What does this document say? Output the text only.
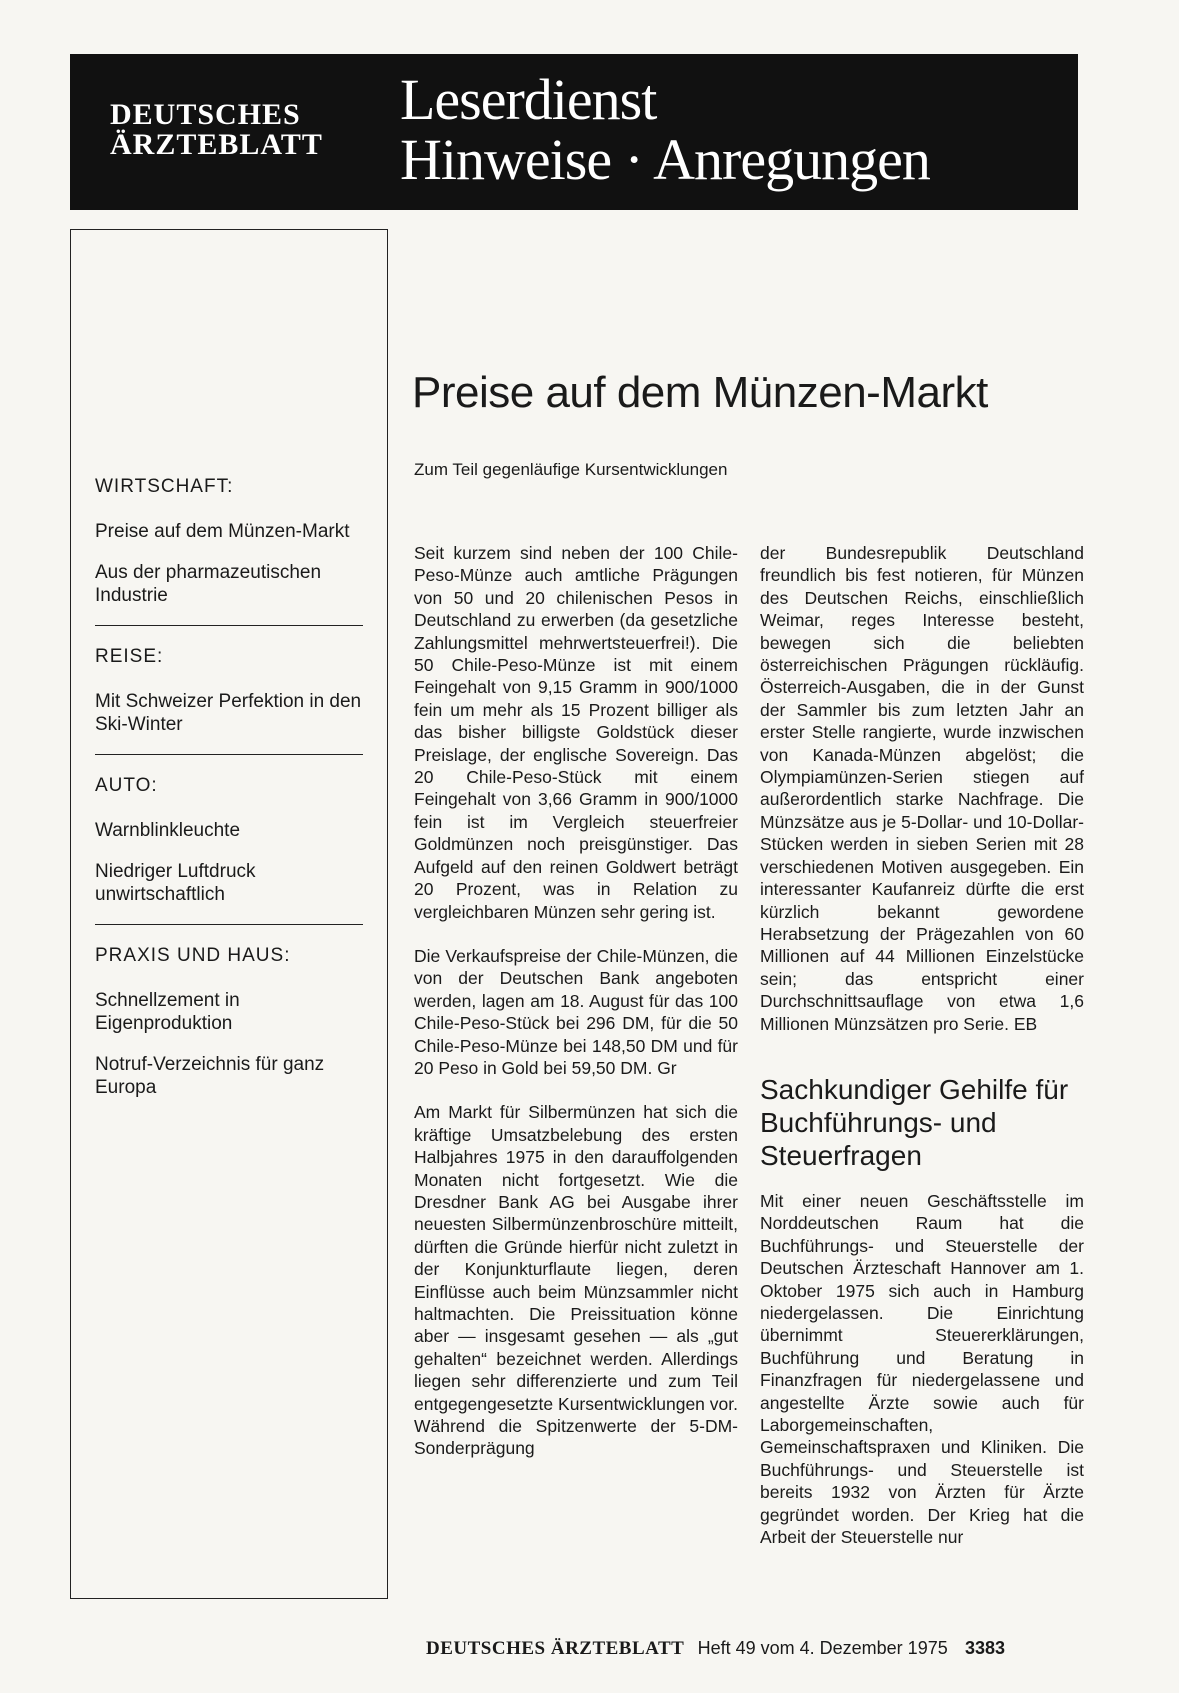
DEUTSCHES
ÄRZTEBLATT
Leserdienst
Hinweise · Anregungen
WIRTSCHAFT:
Preise auf dem Münzen-Markt
Aus der pharmazeutischen Industrie
REISE:
Mit Schweizer Perfektion in den Ski-Winter
AUTO:
Warnblinkleuchte
Niedriger Luftdruck unwirtschaftlich
PRAXIS UND HAUS:
Schnellzement in Eigenproduktion
Notruf-Verzeichnis für ganz Europa
Preise auf dem Münzen-Markt
Zum Teil gegenläufige Kursentwicklungen

Seit kurzem sind neben der 100 Chile-Peso-Münze auch amtliche Prägungen von 50 und 20 chilenischen Pesos in Deutschland zu erwerben (da gesetzliche Zahlungsmittel mehrwertsteuerfrei!). Die 50 Chile-Peso-Münze ist mit einem Feingehalt von 9,15 Gramm in 900/1000 fein um mehr als 15 Prozent billiger als das bisher billigste Goldstück dieser Preislage, der englische Sovereign. Das 20 Chile-Peso-Stück mit einem Feingehalt von 3,66 Gramm in 900/1000 fein ist im Vergleich steuerfreier Goldmünzen noch preisgünstiger. Das Aufgeld auf den reinen Goldwert beträgt 20 Prozent, was in Relation zu vergleichbaren Münzen sehr gering ist.

Die Verkaufspreise der Chile-Münzen, die von der Deutschen Bank angeboten werden, lagen am 18. August für das 100 Chile-Peso-Stück bei 296 DM, für die 50 Chile-Peso-Münze bei 148,50 DM und für 20 Peso in Gold bei 59,50 DM. Gr

Am Markt für Silbermünzen hat sich die kräftige Umsatzbelebung des ersten Halbjahres 1975 in den darauffolgenden Monaten nicht fortgesetzt. Wie die Dresdner Bank AG bei Ausgabe ihrer neuesten Silbermünzenbroschüre mitteilt, dürften die Gründe hierfür nicht zuletzt in der Konjunkturflaute liegen, deren Einflüsse auch beim Münzsammler nicht haltmachten. Die Preissituation könne aber — insgesamt gesehen — als „gut gehalten“ bezeichnet werden. Allerdings liegen sehr differenzierte und zum Teil entgegengesetzte Kursentwicklungen vor. Während die Spitzenwerte der 5-DM-Sonderprägung

der Bundesrepublik Deutschland freundlich bis fest notieren, für Münzen des Deutschen Reichs, einschließlich Weimar, reges Interesse besteht, bewegen sich die beliebten österreichischen Prägungen rückläufig. Österreich-Ausgaben, die in der Gunst der Sammler bis zum letzten Jahr an erster Stelle rangierte, wurde inzwischen von Kanada-Münzen abgelöst; die Olympiamünzen-Serien stiegen auf außerordentlich starke Nachfrage. Die Münzsätze aus je 5-Dollar- und 10-Dollar-Stücken werden in sieben Serien mit 28 verschiedenen Motiven ausgegeben. Ein interessanter Kaufanreiz dürfte die erst kürzlich bekannt gewordene Herabsetzung der Prägezahlen von 60 Millionen auf 44 Millionen Einzelstücke sein; das entspricht einer Durchschnittsauflage von etwa 1,6 Millionen Münzsätzen pro Serie. EB

Sachkundiger Gehilfe für Buchführungs- und Steuerfragen

Mit einer neuen Geschäftsstelle im Norddeutschen Raum hat die Buchführungs- und Steuerstelle der Deutschen Ärzteschaft Hannover am 1. Oktober 1975 sich auch in Hamburg niedergelassen. Die Einrichtung übernimmt Steuererklärungen, Buchführung und Beratung in Finanzfragen für niedergelassene und angestellte Ärzte sowie auch für Laborgemeinschaften, Gemeinschaftspraxen und Kliniken. Die Buchführungs- und Steuerstelle ist bereits 1932 von Ärzten für Ärzte gegründet worden. Der Krieg hat die Arbeit der Steuerstelle nur

DEUTSCHES ÄRZTEBLATT Heft 49 vom 4. Dezember 1975 3383
